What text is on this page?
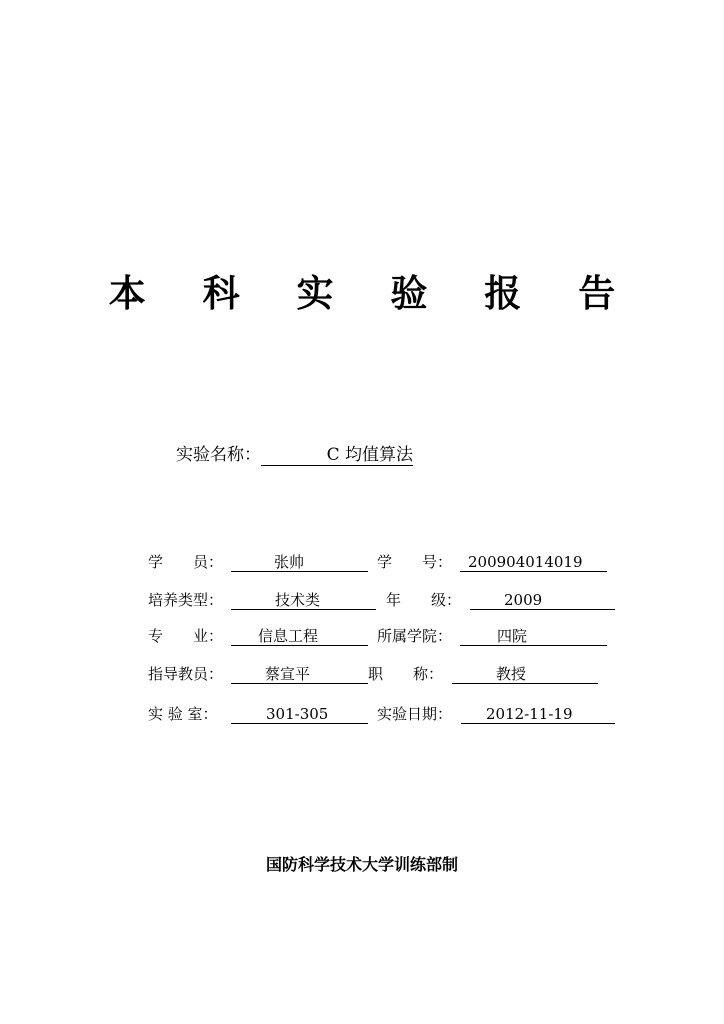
本 科 实 验 报 告
实验名称：	C 均值算法
学　　员：	张帅	学　　号： 200904014019
培养类型：	技术类	年　　级：	2009
专　　业： 信息工程	所属学院：	四院
指导教员：	蔡宣平	职　　称：	教授
实 验 室：	301-305	实验日期： 2012-11-19
国防科学技术大学训练部制
